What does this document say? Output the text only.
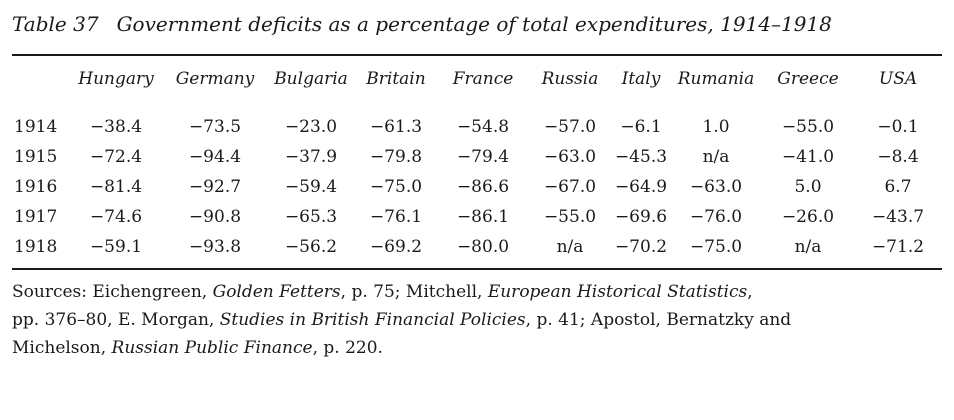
Table 37 Government deficits as a percentage of total expenditures, 1914–1918
	Hungary	Germany	Bulgaria	Britain	France	Russia	Italy	Rumania	Greece	USA
1914	−38.4	−73.5	−23.0	−61.3	−54.8	−57.0	−6.1	1.0	−55.0	−0.1
1915	−72.4	−94.4	−37.9	−79.8	−79.4	−63.0	−45.3	n/a	−41.0	−8.4
1916	−81.4	−92.7	−59.4	−75.0	−86.6	−67.0	−64.9	−63.0	5.0	6.7
1917	−74.6	−90.8	−65.3	−76.1	−86.1	−55.0	−69.6	−76.0	−26.0	−43.7
1918	−59.1	−93.8	−56.2	−69.2	−80.0	n/a	−70.2	−75.0	n/a	−71.2
Sources: Eichengreen, Golden Fetters, p. 75; Mitchell, European Historical Statistics,
pp. 376–80, E. Morgan, Studies in British Financial Policies, p. 41; Apostol, Bernatzky and
Michelson, Russian Public Finance, p. 220.
